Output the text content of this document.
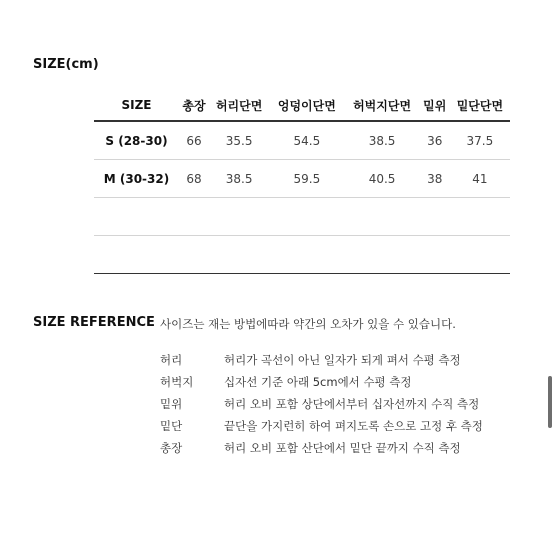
SIZE(cm)
SIZE	총장	허리단면	엉덩이단면	허벅지단면	밑위	밑단단면
S (28-30)	66	35.5	54.5	38.5	36	37.5
M (30-32)	68	38.5	59.5	40.5	38	41

SIZE REFERENCE 사이즈는 재는 방법에따라 약간의 오차가 있을 수 있습니다.
허리	허리가 곡선이 아닌 일자가 되게 펴서 수평 측정
허벅지	십자선 기준 아래 5cm에서 수평 측정
밑위	허리 오비 포함 상단에서부터 십자선까지 수직 측정
밑단	끝단을 가지런히 하여 펴지도록 손으로 고정 후 측정
총장	허리 오비 포함 산단에서 밑단 끝까지 수직 측정
